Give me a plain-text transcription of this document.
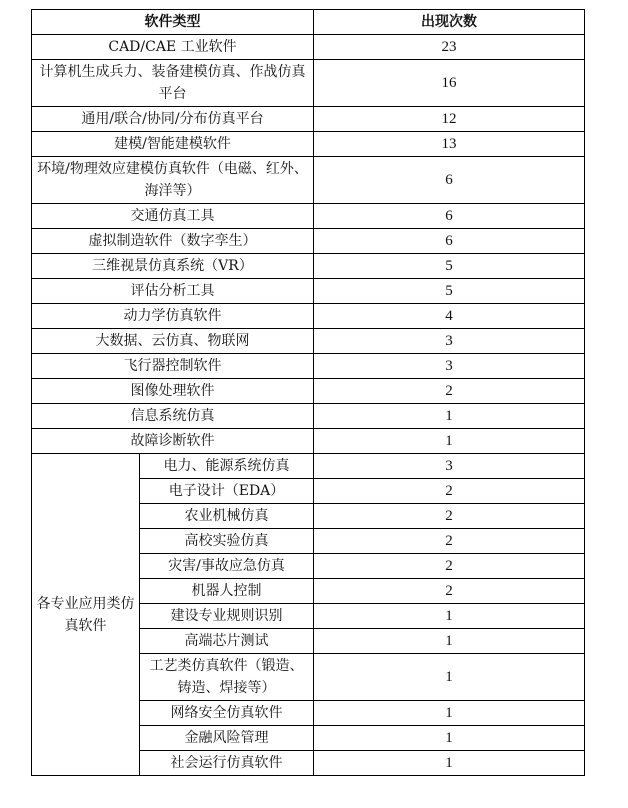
软件类型		出现次数
CAD/CAE 工业软件		23
计算机生成兵力、装备建模仿真、作战仿真平台		16
通用/联合/协同/分布仿真平台		12
建模/智能建模软件		13
环境/物理效应建模仿真软件（电磁、红外、海洋等）		6
交通仿真工具		6
虚拟制造软件（数字孪生）		6
三维视景仿真系统（VR）		5
评估分析工具		5
动力学仿真软件		4
大数据、云仿真、物联网		3
飞行器控制软件		3
图像处理软件		2
信息系统仿真		1
故障诊断软件		1
各专业应用类仿真软件	电力、能源系统仿真	3
	电子设计（EDA）	2
	农业机械仿真	2
	高校实验仿真	2
	灾害/事故应急仿真	2
	机器人控制	2
	建设专业规则识别	1
	高端芯片测试	1
	工艺类仿真软件（锻造、铸造、焊接等）	1
	网络安全仿真软件	1
	金融风险管理	1
	社会运行仿真软件	1
